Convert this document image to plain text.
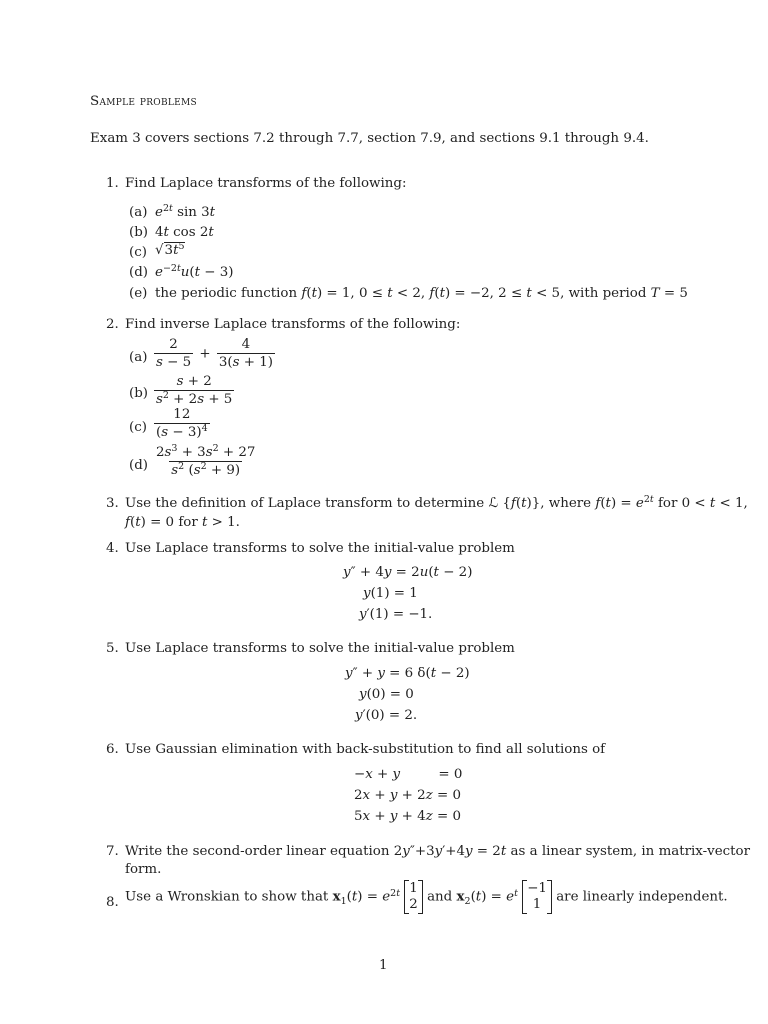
Sample problems
Exam 3 covers sections 7.2 through 7.7, section 7.9, and sections 9.1 through 9.4.
1. Find Laplace transforms of the following:
(a) $e^{2t}$ sin 3t
(b) 4t cos 2t
(c) $√3t^5$
(d) $e^{-2t}u(t - 3)$
(e) the periodic function f(t) = 1, 0 ≤ t < 2, f(t) = −2, 2 ≤ t < 5, with period T = 5
2. Find inverse Laplace transforms of the following:
$(a) \frac{2}{s - 5} + \frac{4}{3(s + 1)}$
$(b) \frac{s + 2}{s^2 + 2s + 5}$
$(c) \frac{12}{(s - 3)^4}$
$(d) \frac{2s^3 + 3s^2 + 27}{s^2 (s^2 + 9)}$
3. Use the definition of Laplace transform to determine ℒ {f(t)}, where $f(t) = e^{2t}$ for 0 < t < 1,
f(t) = 0 for t > 1.
4. Use Laplace transforms to solve the initial-value problem
y″ + 4y = 2u(t − 2)
y(1) = 1
y′(1) = −1.
5. Use Laplace transforms to solve the initial-value problem
y″ + y = 6 δ(t − 2)
y(0) = 0
y′(0) = 2.
6. Use Gaussian elimination with back-substitution to find all solutions of
−x + y         = 0
2x + y + 2z = 0
5x + y + 4z = 0
7. Write the second-order linear equation 2y″+3y′+4y = 2t as a linear system, in matrix-vector
form.
8. Use a Wronskian to show that $x_1(t) = e^{2t}$ 1
2 and $x_2(t) = e^t -1$
1 are linearly independent.
1
